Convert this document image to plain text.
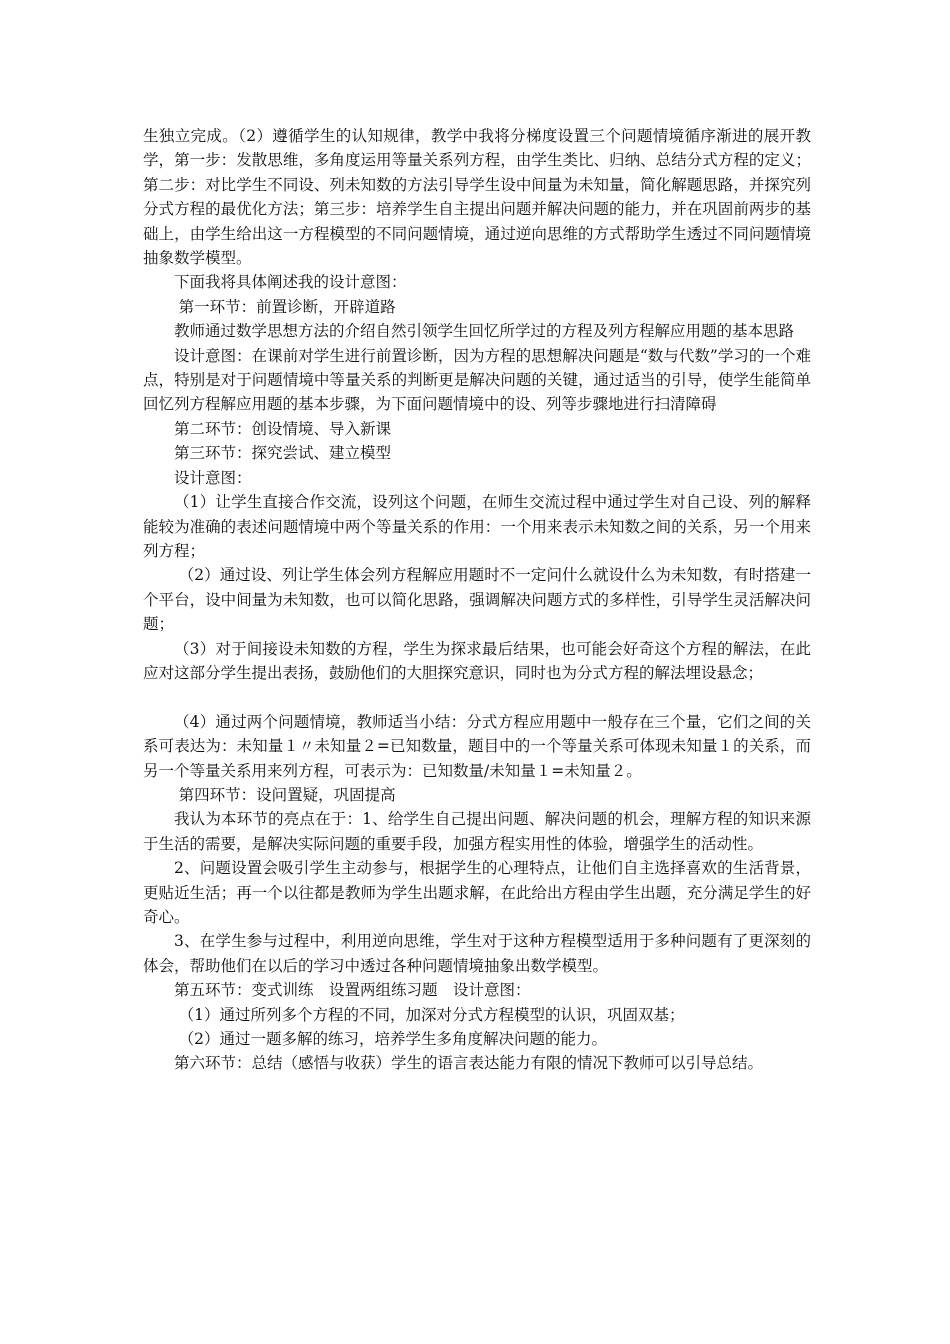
生独立完成。（2）遵循学生的认知规律，教学中我将分梯度设置三个问题情境循序渐进的展开教学，第一步：发散思维，多角度运用等量关系列方程，由学生类比、归纳、总结分式方程的定义；第二步：对比学生不同设、列未知数的方法引导学生设中间量为未知量，简化解题思路，并探究列分式方程的最优化方法；第三步：培养学生自主提出问题并解决问题的能力，并在巩固前两步的基础上，由学生给出这一方程模型的不同问题情境，通过逆向思维的方式帮助学生透过不同问题情境抽象数学模型。

下面我将具体阐述我的设计意图：

第一环节：前置诊断，开辟道路

教师通过数学思想方法的介绍自然引领学生回忆所学过的方程及列方程解应用题的基本思路

设计意图：在课前对学生进行前置诊断，因为方程的思想解决问题是“数与代数”学习的一个难点，特别是对于问题情境中等量关系的判断更是解决问题的关键，通过适当的引导，使学生能简单回忆列方程解应用题的基本步骤，为下面问题情境中的设、列等步骤地进行扫清障碍

第二环节：创设情境、导入新课

第三环节：探究尝试、建立模型

设计意图：

（1）让学生直接合作交流，设列这个问题，在师生交流过程中通过学生对自己设、列的解释能较为准确的表述问题情境中两个等量关系的作用：一个用来表示未知数之间的关系，另一个用来列方程；

（2）通过设、列让学生体会列方程解应用题时不一定问什么就设什么为未知数，有时搭建一个平台，设中间量为未知数，也可以简化思路，强调解决问题方式的多样性，引导学生灵活解决问题；

（3）对于间接设未知数的方程，学生为探求最后结果，也可能会好奇这个方程的解法，在此应对这部分学生提出表扬，鼓励他们的大胆探究意识，同时也为分式方程的解法埋设悬念；

（4）通过两个问题情境，教师适当小结：分式方程应用题中一般存在三个量，它们之间的关系可表达为：未知量１〃未知量２=已知数量，题目中的一个等量关系可体现未知量１的关系，而另一个等量关系用来列方程，可表示为：已知数量/未知量１=未知量２。

第四环节：设问置疑，巩固提高

我认为本环节的亮点在于：1、给学生自己提出问题、解决问题的机会，理解方程的知识来源于生活的需要，是解决实际问题的重要手段，加强方程实用性的体验，增强学生的活动性。

2、问题设置会吸引学生主动参与，根据学生的心理特点，让他们自主选择喜欢的生活背景，更贴近生活；再一个以往都是教师为学生出题求解，在此给出方程由学生出题，充分满足学生的好奇心。

3、在学生参与过程中，利用逆向思维，学生对于这种方程模型适用于多种问题有了更深刻的体会，帮助他们在以后的学习中透过各种问题情境抽象出数学模型。

第五环节：变式训练　设置两组练习题　设计意图：

（1）通过所列多个方程的不同，加深对分式方程模型的认识，巩固双基；

（2）通过一题多解的练习，培养学生多角度解决问题的能力。

第六环节：总结（感悟与收获）学生的语言表达能力有限的情况下教师可以引导总结。
